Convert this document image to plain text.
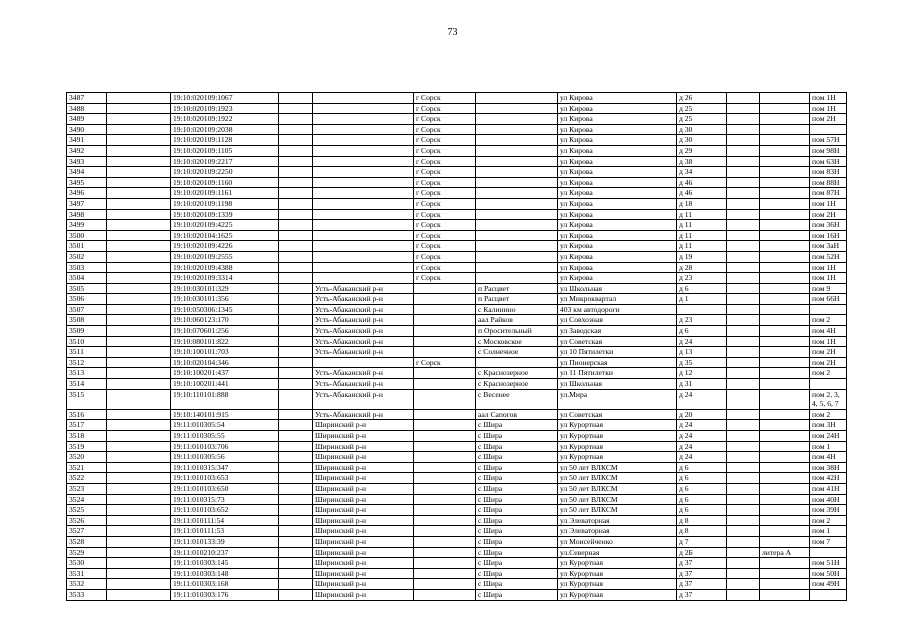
73
3487		19:10:020109:1067			г Сорск		ул Кирова	д 26			пом 1Н
3488		19:10:020109:1923			г Сорск		ул Кирова	д 25			пом 1Н
3489		19:10:020109:1922			г Сорск		ул Кирова	д 25			пом 2Н
3490		19:10:020109:2038			г Сорск		ул Кирова	д 30			
3491		19:10:020109:1128			г Сорск		ул Кирова	д 30			пом 57Н
3492		19:10:020109:1105			г Сорск		ул Кирова	д 29			пом 98Н
3493		19:10:020109:2217			г Сорск		ул Кирова	д 38			пом 63Н
3494		19:10:020109:2250			г Сорск		ул Кирова	д 34			пом 83Н
3495		19:10:020109:1160			г Сорск		ул Кирова	д 46			пом 88Н
3496		19:10:020109:1161			г Сорск		ул Кирова	д 46			пом 87Н
3497		19:10:020109:1198			г Сорск		ул Кирова	д 18			пом 1Н
3498		19:10:020109:1339			г Сорск		ул Кирова	д 11			пом 2Н
3499		19:10:020109:4225			г Сорск		ул Кирова	д 11			пом 36Н
3500		19:10:020104:1625			г Сорск		ул Кирова	д 11			пом 16Н
3501		19:10:020109:4226			г Сорск		ул Кирова	д 11			пом 3аН
3502		19:10:020109:2555			г Сорск		ул Кирова	д 19			пом 52Н
3503		19:10:020109:4388			г Сорск		ул Кирова	д 28			пом 1Н
3504		19:10:020109:3314			г Сорск		ул Кирова	д 23			пом 1Н
3505		19:10:030101:329		Усть-Абаканский р-н		п Расцвет	ул Школьная	д 6			пом 9
3506		19:10:030101:356		Усть-Абаканский р-н		п Расцвет	ул Микроквартал	д 1			пом 66Н
3507		19:10:050306:1345		Усть-Абаканский р-н		с Калинино	403 км автодороги				
3508		19:10:060123:170		Усть-Абаканский р-н		аал Райков	ул Совхозная	д 23			пом 2
3509		19:10:070601:256		Усть-Абаканский р-н		п Оросительный	ул Заводская	д 6			пом 4Н
3510		19:10:080101:822		Усть-Абаканский р-н		с Московское	ул Советская	д 24			пом 1Н
3511		19:10:100101:703		Усть-Абаканский р-н		с Солнечное	ул 10 Пятилетки	д 13			пом 2Н
3512		19:10:020104:346			г Сорск		ул Пионерская	д 35			пом 2Н
3513		19:10:100201:437		Усть-Абаканский р-н		с Краснозерное	ул 11 Пятилетки	д 12			пом 2
3514		19:10:100201:441		Усть-Абаканский р-н		с Краснозерное	ул Школьная	д 31			
3515		19:10:110101:888		Усть-Абаканский р-н		с Весенее	ул.Мира	д 24			пом 2, 3,
4, 5, 6, 7
3516		19:10:140101:915		Усть-Абаканский р-н		аал Сапогов	ул Советская	д 20			пом 2
3517		19:11:010305:54		Ширинский р-н		с Шира	ул Курортная	д 24			пом 3Н
3518		19:11:010305:55		Ширинский р-н		с Шира	ул Курортная	д 24			пом 24Н
3519		19:11:010103:706		Ширинский р-н		с Шира	ул Курортная	д 24			пом 1
3520		19:11:010305:56		Ширинский р-н		с Шира	ул Курортная	д 24			пом 4Н
3521		19:11:010315:347		Ширинский р-н		с Шира	ул 50 лет ВЛКСМ	д 6			пом 38Н
3522		19:11:010103:653		Ширинский р-н		с Шира	ул 50 лет ВЛКСМ	д 6			пом 42Н
3523		19:11:010103:650		Ширинский р-н		с Шира	ул 50 лет ВЛКСМ	д 6			пом 41Н
3524		19:11:010315:73		Ширинский р-н		с Шира	ул 50 лет ВЛКСМ	д 6			пом 40Н
3525		19:11:010103:652		Ширинский р-н		с Шира	ул 50 лет ВЛКСМ	д 6			пом 39Н
3526		19:11:010111:54		Ширинский р-н		с Шира	ул Элеваторная	д 8			пом 2
3527		19:11:010111:53		Ширинский р-н		с Шира	ул Элеваторная	д 8			пом 1
3528		19:11:010133:39		Ширинский р-н		с Шира	ул Моисейченко	д 7			пом 7
3529		19:11:010210:237		Ширинский р-н		с Шира	ул.Северная	д 2Б		литера А	
3530		19:11:010303:145		Ширинский р-н		с Шира	ул Курортная	д 37			пом 51Н
3531		19:11:010303:148		Ширинский р-н		с Шира	ул Курортная	д 37			пом 50Н
3532		19:11:010303:168		Ширинский р-н		с Шира	ул Курортная	д 37			пом 49Н
3533		19:11:010303:176		Ширинский р-н		с Шира	ул Курортная	д 37			
